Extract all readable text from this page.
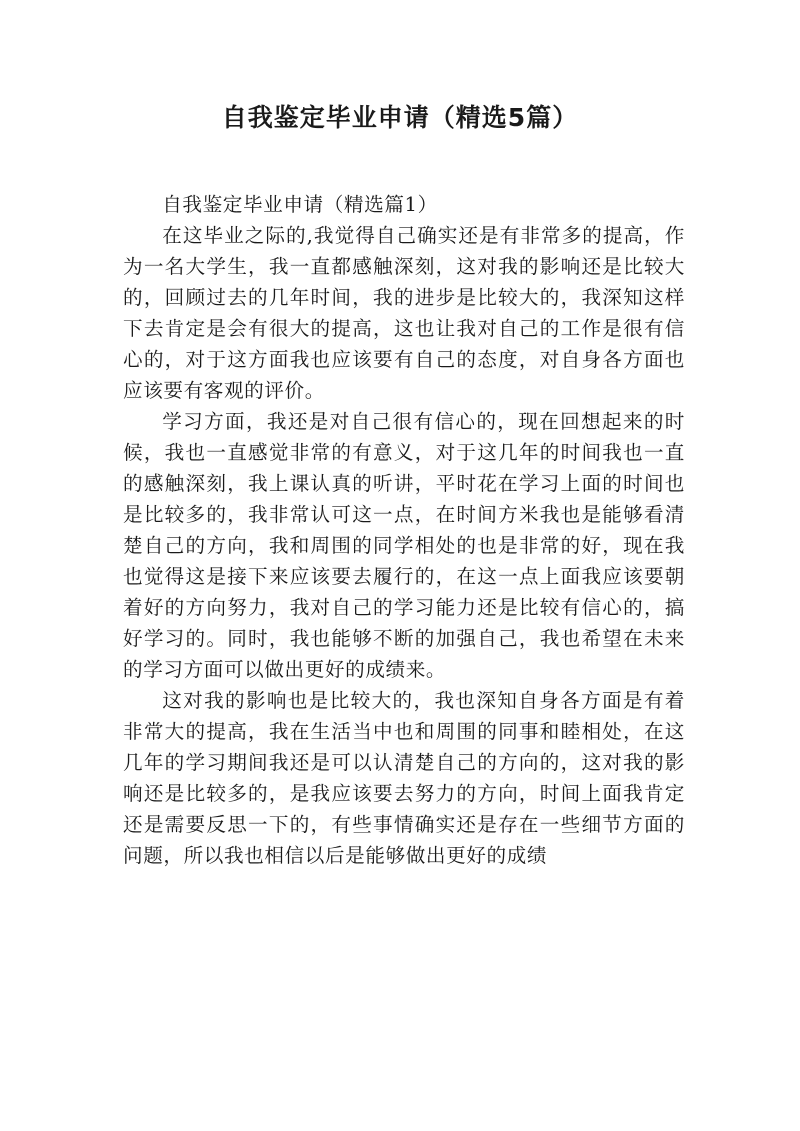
自我鉴定毕业申请（精选5篇）

自我鉴定毕业申请（精选篇1）

在这毕业之际的,我觉得自己确实还是有非常多的提高，作为一名大学生，我一直都感触深刻，这对我的影响还是比较大的，回顾过去的几年时间，我的进步是比较大的，我深知这样下去肯定是会有很大的提高，这也让我对自己的工作是很有信心的，对于这方面我也应该要有自己的态度，对自身各方面也应该要有客观的评价。

学习方面，我还是对自己很有信心的，现在回想起来的时候，我也一直感觉非常的有意义，对于这几年的时间我也一直的感触深刻，我上课认真的听讲，平时花在学习上面的时间也是比较多的，我非常认可这一点，在时间方米我也是能够看清楚自己的方向，我和周围的同学相处的也是非常的好，现在我也觉得这是接下来应该要去履行的，在这一点上面我应该要朝着好的方向努力，我对自己的学习能力还是比较有信心的，搞好学习的。同时，我也能够不断的加强自己，我也希望在未来的学习方面可以做出更好的成绩来。

这对我的影响也是比较大的，我也深知自身各方面是有着非常大的提高，我在生活当中也和周围的同事和睦相处，在这几年的学习期间我还是可以认清楚自己的方向的，这对我的影响还是比较多的，是我应该要去努力的方向，时间上面我肯定还是需要反思一下的，有些事情确实还是存在一些细节方面的问题，所以我也相信以后是能够做出更好的成绩
